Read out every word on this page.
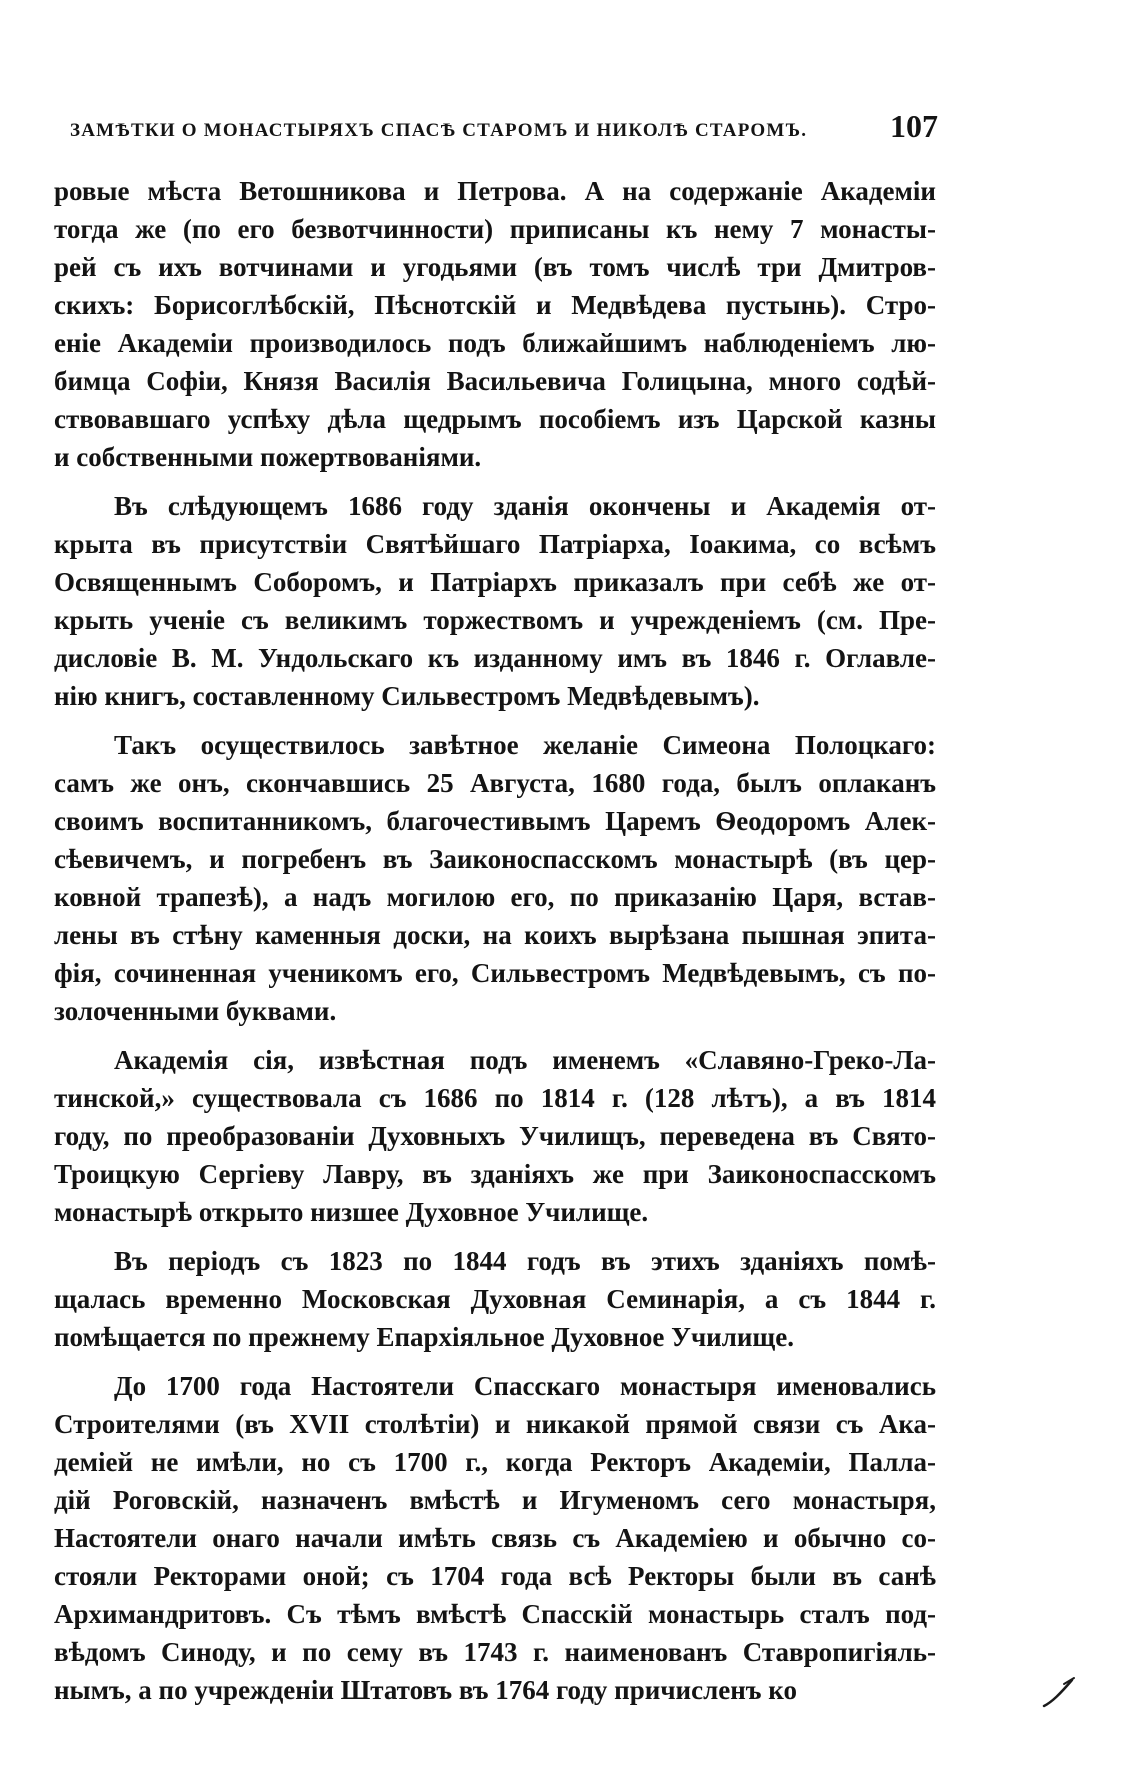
ЗАМѢТКИ О МОНАСТЫРЯХЪ СПАСѢ СТАРОМЪ И НИКОЛѢ СТАРОМЪ.	107
ровые мѣста Ветошникова и Петрова. А на содержаніе Академіи
тогда же (по его безвотчинности) приписаны къ нему 7 монасты-
рей съ ихъ вотчинами и угодьями (въ томъ числѣ три Дмитров-
скихъ: Борисоглѣбскій, Пѣснотскій и Медвѣдева пустынь). Стро-
еніе Академіи производилось подъ ближайшимъ наблюденіемъ лю-
бимца Софіи, Князя Василія Васильевича Голицына, много содѣй-
ствовавшаго успѣху дѣла щедрымъ пособіемъ изъ Царской казны
и собственными пожертвованіями.
Въ слѣдующемъ 1686 году зданія окончены и Академія от-
крыта въ присутствіи Святѣйшаго Патріарха, Іоакима, со всѣмъ
Освященнымъ Соборомъ, и Патріархъ приказалъ при себѣ же от-
крыть ученіе съ великимъ торжествомъ и учрежденіемъ (см. Пре-
дисловіе В. М. Ундольскаго къ изданному имъ въ 1846 г. Оглавле-
нію книгъ, составленному Сильвестромъ Медвѣдевымъ).
Такъ осуществилось завѣтное желаніе Симеона Полоцкаго:
самъ же онъ, скончавшись 25 Августа, 1680 года, былъ оплаканъ
своимъ воспитанникомъ, благочестивымъ Царемъ Ѳеодоромъ Алек-
сѣевичемъ, и погребенъ въ Заиконоспасскомъ монастырѣ (въ цер-
ковной трапезѣ), а надъ могилою его, по приказанію Царя, встав-
лены въ стѣну каменныя доски, на коихъ вырѣзана пышная эпита-
фія, сочиненная ученикомъ его, Сильвестромъ Медвѣдевымъ, съ по-
золоченными буквами.
Академія сія, извѣстная подъ именемъ «Славяно-Греко-Ла-
тинской,» существовала съ 1686 по 1814 г. (128 лѣтъ), а въ 1814
году, по преобразованіи Духовныхъ Училищъ, переведена въ Свято-
Троицкую Сергіеву Лавру, въ зданіяхъ же при Заиконоспасскомъ
монастырѣ открыто низшее Духовное Училище.
Въ періодъ съ 1823 по 1844 годъ въ этихъ зданіяхъ помѣ-
щалась временно Московская Духовная Семинарія, а съ 1844 г.
помѣщается по прежнему Епархіяльное Духовное Училище.
До 1700 года Настоятели Спасскаго монастыря именовались
Строителями (въ XVII столѣтіи) и никакой прямой связи съ Ака-
деміей не имѣли, но съ 1700 г., когда Ректоръ Академіи, Палла-
дій Роговскій, назначенъ вмѣстѣ и Игуменомъ сего монастыря,
Настоятели онаго начали имѣть связь съ Академіею и обычно со-
стояли Ректорами оной; съ 1704 года всѣ Ректоры были въ санѣ
Архимандритовъ. Съ тѣмъ вмѣстѣ Спасскій монастырь сталъ под-
вѣдомъ Синоду, и по сему въ 1743 г. наименованъ Ставропигіяль-
нымъ, а по учрежденіи Штатовъ въ 1764 году причисленъ ко
